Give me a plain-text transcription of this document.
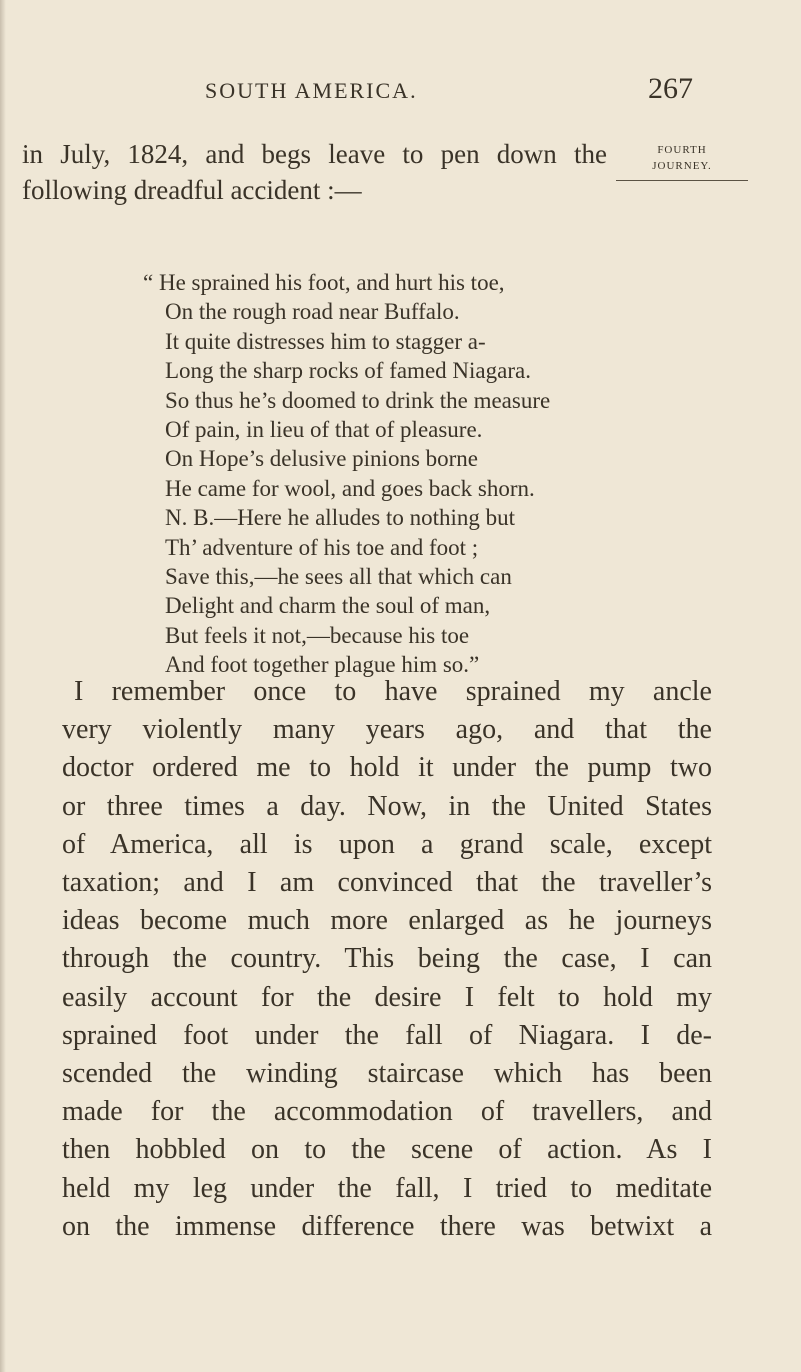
SOUTH AMERICA.	267
FOURTH
JOURNEY.
in July, 1824, and begs leave to pen down the
following dreadful accident :—
“ He sprained his foot, and hurt his toe,
On the rough road near Buffalo.
It quite distresses him to stagger a-
Long the sharp rocks of famed Niagara.
So thus he’s doomed to drink the measure
Of pain, in lieu of that of pleasure.
On Hope’s delusive pinions borne
He came for wool, and goes back shorn.
N. B.—Here he alludes to nothing but
Th’ adventure of his toe and foot ;
Save this,—he sees all that which can
Delight and charm the soul of man,
But feels it not,—because his toe
And foot together plague him so.”
I remember once to have sprained my ancle
very violently many years ago, and that the
doctor ordered me to hold it under the pump two
or three times a day. Now, in the United States
of America, all is upon a grand scale, except
taxation; and I am convinced that the traveller’s
ideas become much more enlarged as he journeys
through the country. This being the case, I can
easily account for the desire I felt to hold my
sprained foot under the fall of Niagara. I de-
scended the winding staircase which has been
made for the accommodation of travellers, and
then hobbled on to the scene of action. As I
held my leg under the fall, I tried to meditate
on the immense difference there was betwixt a
